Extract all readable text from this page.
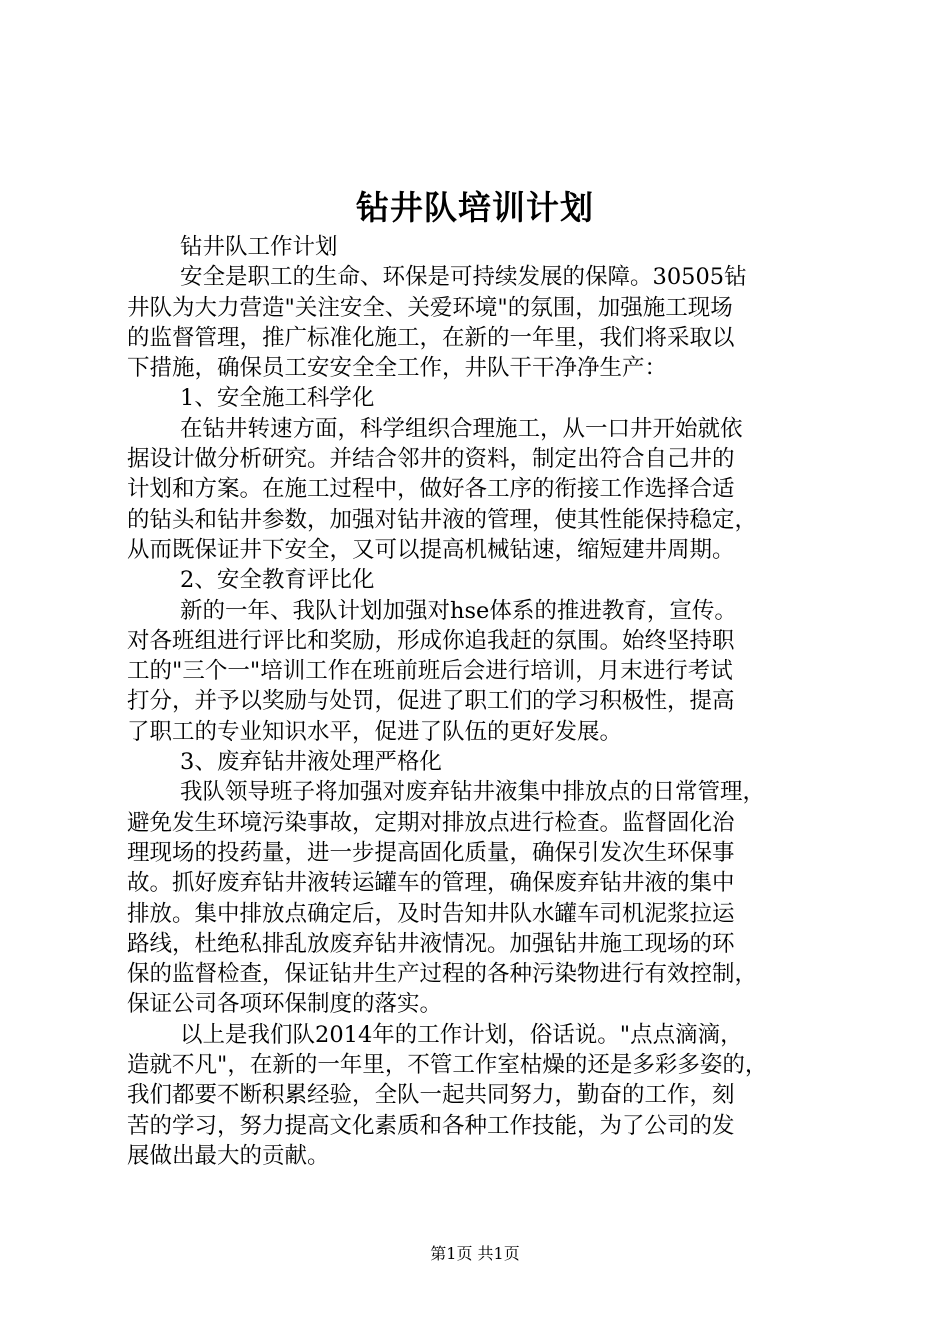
钻井队培训计划
钻井队工作计划
安全是职工的生命、环保是可持续发展的保障。30505钻
井队为大力营造"关注安全、关爱环境"的氛围，加强施工现场
的监督管理，推广标准化施工，在新的一年里，我们将采取以
下措施，确保员工安安全全工作，井队干干净净生产：
1、安全施工科学化
在钻井转速方面，科学组织合理施工，从一口井开始就依
据设计做分析研究。并结合邻井的资料，制定出符合自己井的
计划和方案。在施工过程中，做好各工序的衔接工作选择合适
的钻头和钻井参数，加强对钻井液的管理，使其性能保持稳定，
从而既保证井下安全，又可以提高机械钻速，缩短建井周期。
2、安全教育评比化
新的一年、我队计划加强对hse体系的推进教育，宣传。
对各班组进行评比和奖励，形成你追我赶的氛围。始终坚持职
工的"三个一"培训工作在班前班后会进行培训，月末进行考试
打分，并予以奖励与处罚，促进了职工们的学习积极性，提高
了职工的专业知识水平，促进了队伍的更好发展。
3、废弃钻井液处理严格化
我队领导班子将加强对废弃钻井液集中排放点的日常管理，
避免发生环境污染事故，定期对排放点进行检查。监督固化治
理现场的投药量，进一步提高固化质量，确保引发次生环保事
故。抓好废弃钻井液转运罐车的管理，确保废弃钻井液的集中
排放。集中排放点确定后，及时告知井队水罐车司机泥浆拉运
路线，杜绝私排乱放废弃钻井液情况。加强钻井施工现场的环
保的监督检查，保证钻井生产过程的各种污染物进行有效控制，
保证公司各项环保制度的落实。
以上是我们队2014年的工作计划，俗话说。"点点滴滴，
造就不凡"，在新的一年里，不管工作室枯燥的还是多彩多姿的，
我们都要不断积累经验，全队一起共同努力，勤奋的工作，刻
苦的学习，努力提高文化素质和各种工作技能，为了公司的发
展做出最大的贡献。
第1页 共1页
